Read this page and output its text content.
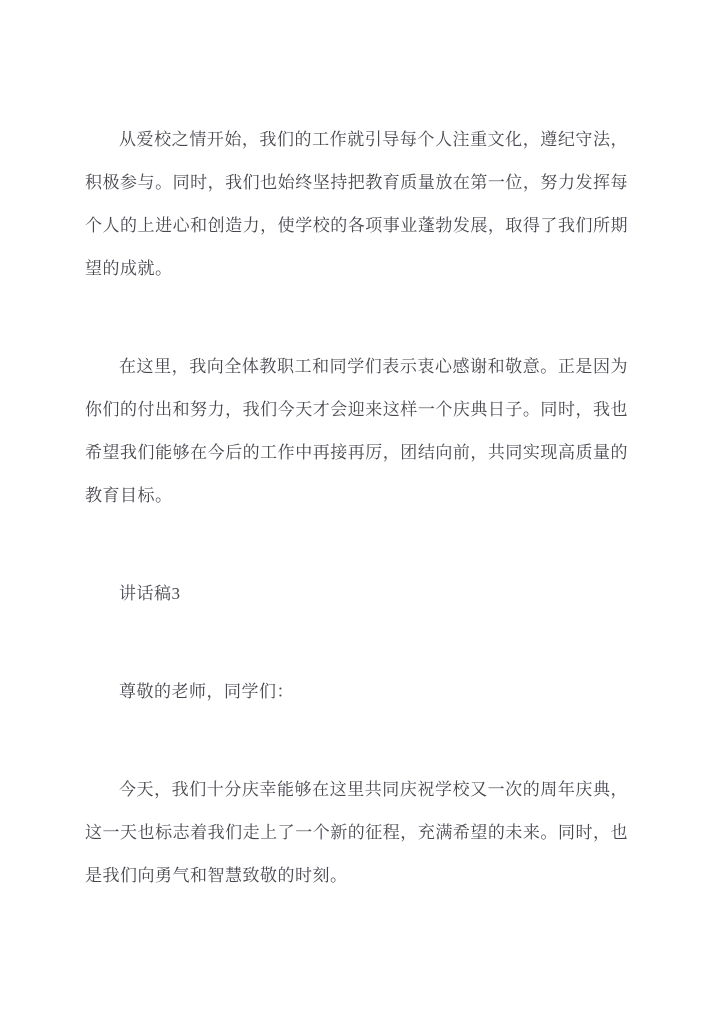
从爱校之情开始，我们的工作就引导每个人注重文化，遵纪守法，积极参与。同时，我们也始终坚持把教育质量放在第一位，努力发挥每个人的上进心和创造力，使学校的各项事业蓬勃发展，取得了我们所期望的成就。

在这里，我向全体教职工和同学们表示衷心感谢和敬意。正是因为你们的付出和努力，我们今天才会迎来这样一个庆典日子。同时，我也希望我们能够在今后的工作中再接再厉，团结向前，共同实现高质量的教育目标。

讲话稿3

尊敬的老师，同学们：

今天，我们十分庆幸能够在这里共同庆祝学校又一次的周年庆典，这一天也标志着我们走上了一个新的征程，充满希望的未来。同时，也是我们向勇气和智慧致敬的时刻。
